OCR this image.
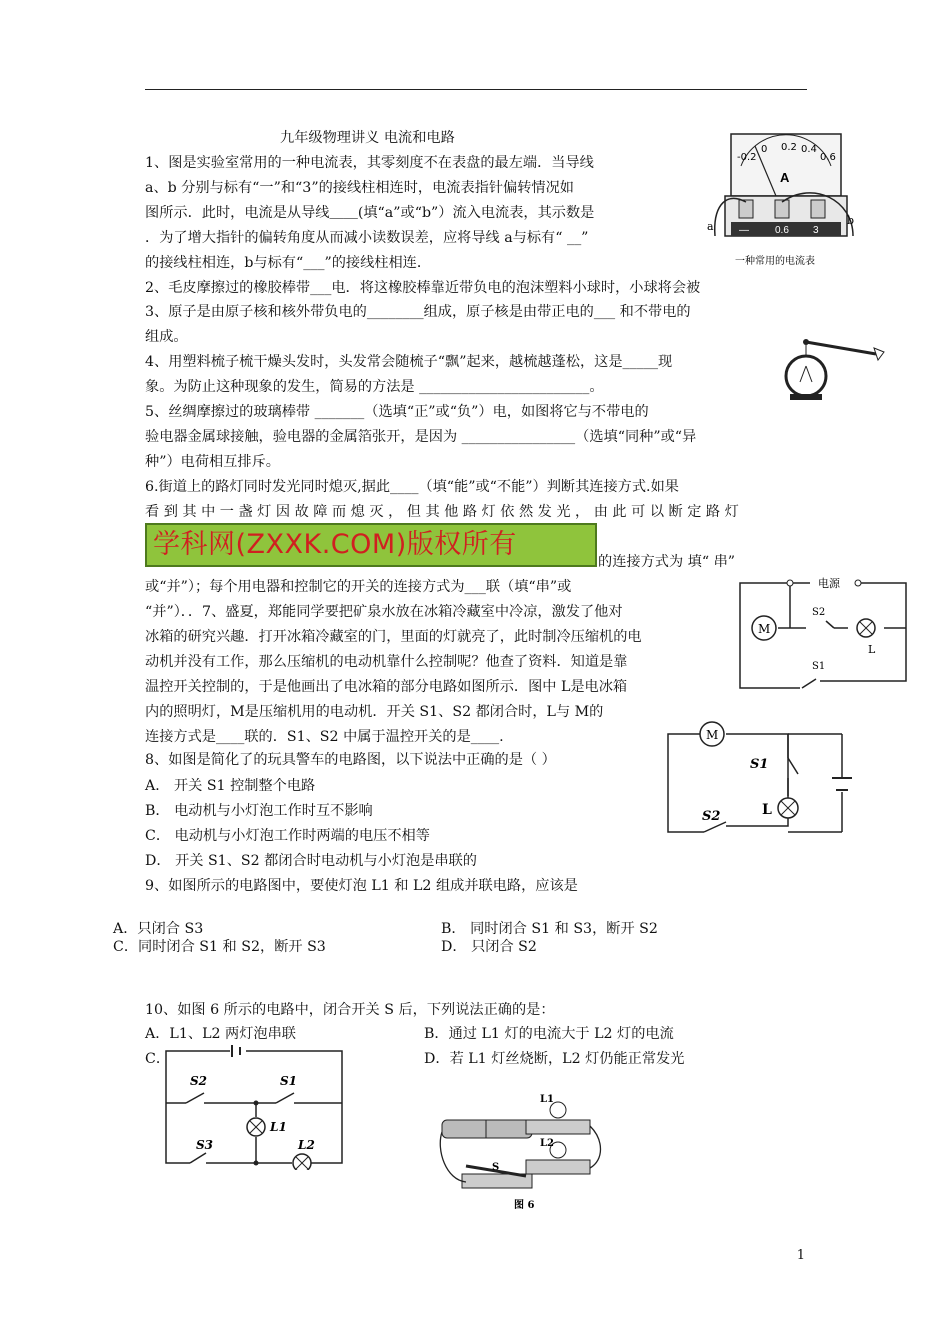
九年级物理讲义 电流和电路
1、图是实验室常用的一种电流表，其零刻度不在表盘的最左端．当导线
a、b 分别与标有“一”和“3”的接线柱相连时，电流表指针偏转情况如
图所示．此时，电流是从导线＿＿(填“a”或“b”）流入电流表，其示数是
．为了增大指针的偏转角度从而减小读数误差，应将导线 a与标有“ __”
的接线柱相连，b与标有“___”的接线柱相连．
2、毛皮摩擦过的橡胶棒带___电．将这橡胶棒靠近带负电的泡沫塑料小球时，小球将会被
3、原子是由原子核和核外带负电的________组成，原子核是由带正电的___ 和不带电的
组成。
4、用塑料梳子梳干燥头发时，头发常会随梳子“飘”起来，越梳越蓬松，这是_____现
象。为防止这种现象的发生，简易的方法是 ________________________。
5、丝绸摩擦过的玻璃棒带 _______（选填“正”或“负”）电，如图将它与不带电的
验电器金属球接触，验电器的金属箔张开，是因为 ________________（选填“同种”或“异
种”）电荷相互排斥。
6.街道上的路灯同时发光同时熄灭,据此____（填“能”或“不能”）判断其连接方式.如果
看 到 其 中 一 盏 灯 因 故 障 而 熄 灭 ， 但 其 他 路 灯 依 然 发 光 ， 由 此 可 以 断 定 路 灯
学科网(ZXXK.COM)版权所有
的连接方式为 填“ 串”
或“并”）；每个用电器和控制它的开关的连接方式为___联（填“串”或
“并”）．．7、盛夏，郑能同学要把矿泉水放在冰箱冷藏室中冷凉，激发了他对
冰箱的研究兴趣．打开冰箱冷藏室的门，里面的灯就亮了，此时制冷压缩机的电
动机并没有工作，那么压缩机的电动机靠什么控制呢？他查了资料．知道是靠
温控开关控制的，于是他画出了电冰箱的部分电路如图所示．图中 L是电冰箱
内的照明灯，M是压缩机用的电动机．开关 S1、S2 都闭合时，L与 M的
连接方式是____联的．S1、S2 中属于温控开关的是____.
8、如图是简化了的玩具警车的电路图，以下说法中正确的是（ ）
A． 开关 S1 控制整个电路
B． 电动机与小灯泡工作时互不影响
C． 电动机与小灯泡工作时两端的电压不相等
D． 开关 S1、S2 都闭合时电动机与小灯泡是串联的
9、如图所示的电路图中，要使灯泡 L1 和 L2 组成并联电路，应该是
A．只闭合 S3	B． 同时闭合 S1 和 S3，断开 S2
C．同时闭合 S1 和 S2，断开 S3	D． 只闭合 S2
10、如图 6 所示的电路中，闭合开关 S 后，下列说法正确的是：
A．L1、L2 两灯泡串联	B．通过 L1 灯的电流大于 L2 灯的电流
C．	D．若 L1 灯丝烧断，L2 灯仍能正常发光
-0.2
0 0.2 0.4
0.6
A
—	0.6 3
a	b
一种常用的电流表
电源
M
S2
L
S1
M
S1
L
S2
S2	S1
L1
S3	L2
L1
L2
S
图 6
1
